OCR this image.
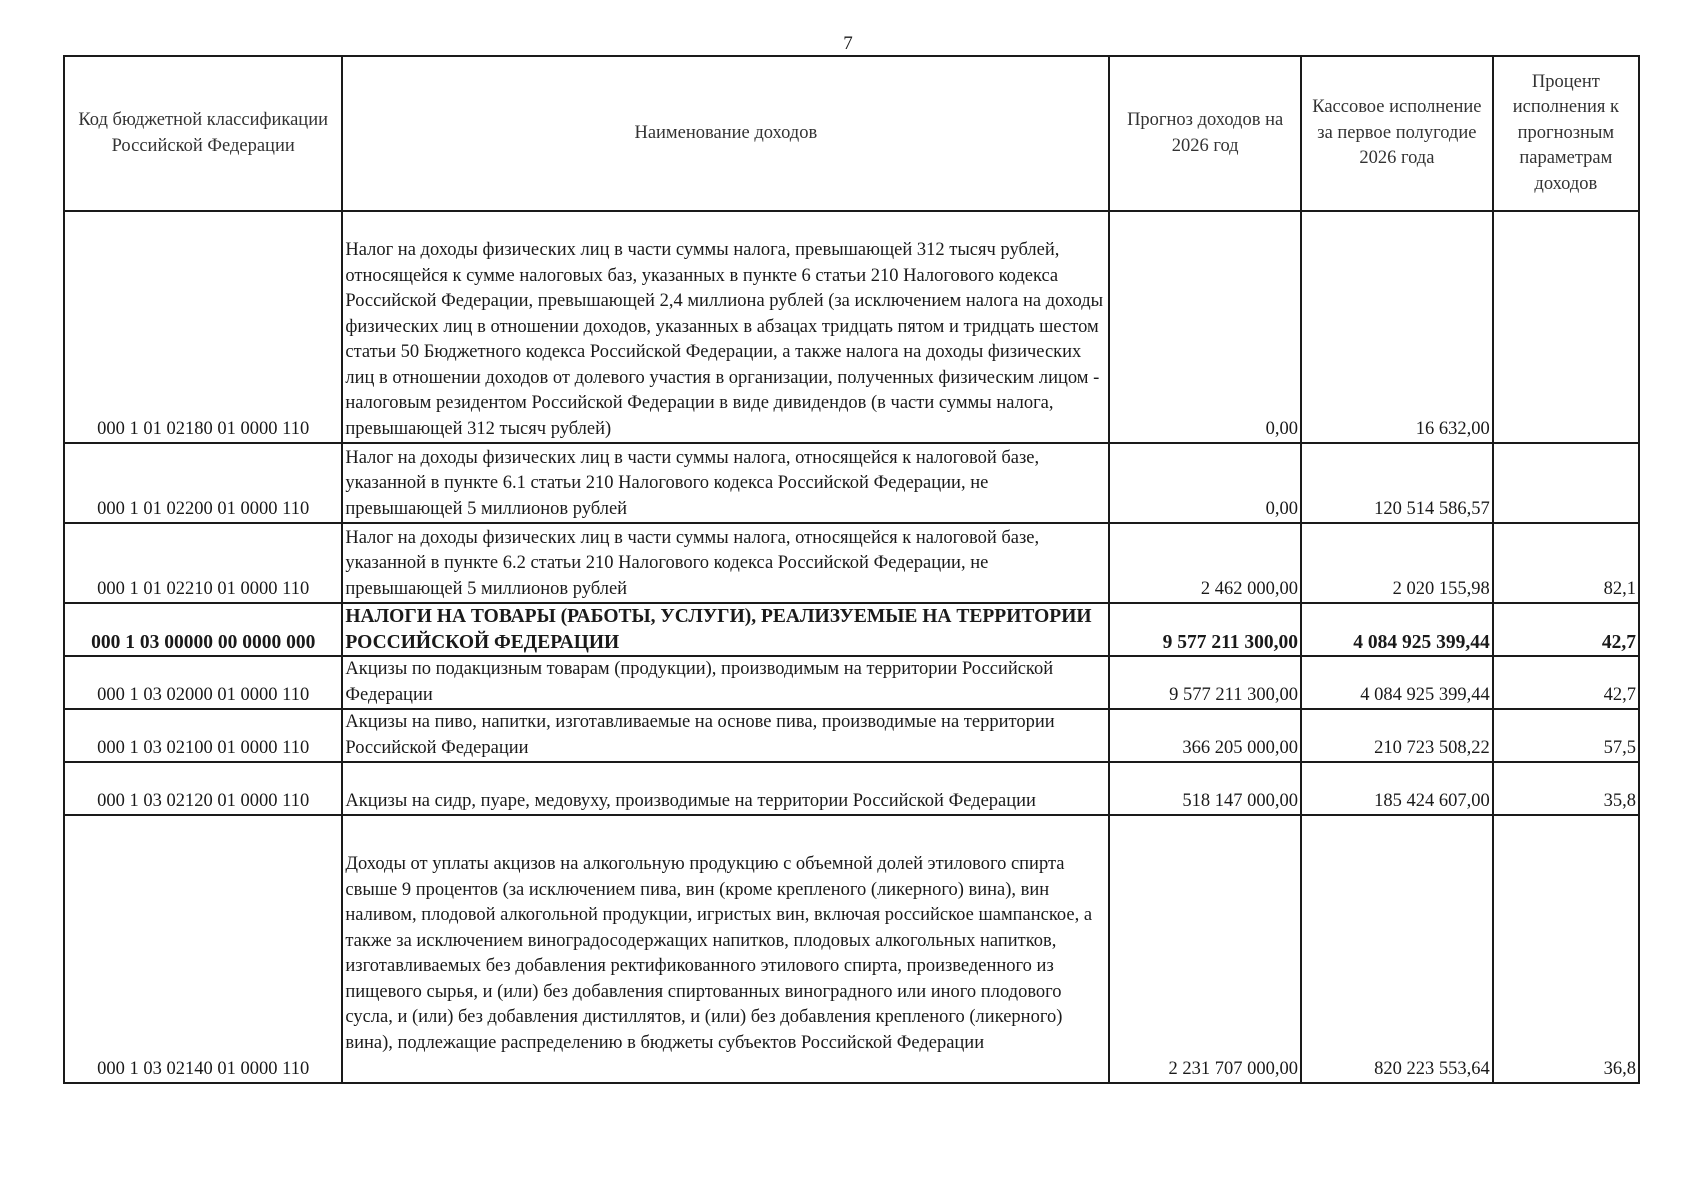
7
Код бюджетной классификации Российской Федерации	Наименование доходов	Прогноз доходов на 2026 год	Кассовое исполнение за первое полугодие 2026 года	Процент исполнения к прогнозным параметрам доходов
000 1 01 02180 01 0000 110	Налог на доходы физических лиц в части суммы налога, превышающей 312 тысяч рублей, относящейся к сумме налоговых баз, указанных в пункте 6 статьи 210 Налогового кодекса Российской Федерации, превышающей 2,4 миллиона рублей (за исключением налога на доходы физических лиц в отношении доходов, указанных в абзацах тридцать пятом и тридцать шестом статьи 50 Бюджетного кодекса Российской Федерации, а также налога на доходы физических лиц в отношении доходов от долевого участия в организации, полученных физическим лицом - налоговым резидентом Российской Федерации в виде дивидендов (в части суммы налога, превышающей 312 тысяч рублей)	0,00	16 632,00	
000 1 01 02200 01 0000 110	Налог на доходы физических лиц в части суммы налога, относящейся к налоговой базе, указанной в пункте 6.1 статьи 210 Налогового кодекса Российской Федерации, не превышающей 5 миллионов рублей	0,00	120 514 586,57	
000 1 01 02210 01 0000 110	Налог на доходы физических лиц в части суммы налога, относящейся к налоговой базе, указанной в пункте 6.2 статьи 210 Налогового кодекса Российской Федерации, не превышающей 5 миллионов рублей	2 462 000,00	2 020 155,98	82,1
000 1 03 00000 00 0000 000	НАЛОГИ НА ТОВАРЫ (РАБОТЫ, УСЛУГИ), РЕАЛИЗУЕМЫЕ НА ТЕРРИТОРИИ РОССИЙСКОЙ ФЕДЕРАЦИИ	9 577 211 300,00	4 084 925 399,44	42,7
000 1 03 02000 01 0000 110	Акцизы по подакцизным товарам (продукции), производимым на территории Российской Федерации	9 577 211 300,00	4 084 925 399,44	42,7
000 1 03 02100 01 0000 110	Акцизы на пиво, напитки, изготавливаемые на основе пива, производимые на территории Российской Федерации	366 205 000,00	210 723 508,22	57,5
000 1 03 02120 01 0000 110	Акцизы на сидр, пуаре, медовуху, производимые на территории Российской Федерации	518 147 000,00	185 424 607,00	35,8
000 1 03 02140 01 0000 110	Доходы от уплаты акцизов на алкогольную продукцию с объемной долей этилового спирта свыше 9 процентов (за исключением пива, вин (кроме крепленого (ликерного) вина), вин наливом, плодовой алкогольной продукции, игристых вин, включая российское шампанское, а также за исключением виноградосодержащих напитков, плодовых алкогольных напитков, изготавливаемых без добавления ректификованного этилового спирта, произведенного из пищевого сырья, и (или) без добавления спиртованных виноградного или иного плодового сусла, и (или) без добавления дистиллятов, и (или) без добавления крепленого (ликерного) вина), подлежащие распределению в бюджеты субъектов Российской Федерации	2 231 707 000,00	820 223 553,64	36,8
